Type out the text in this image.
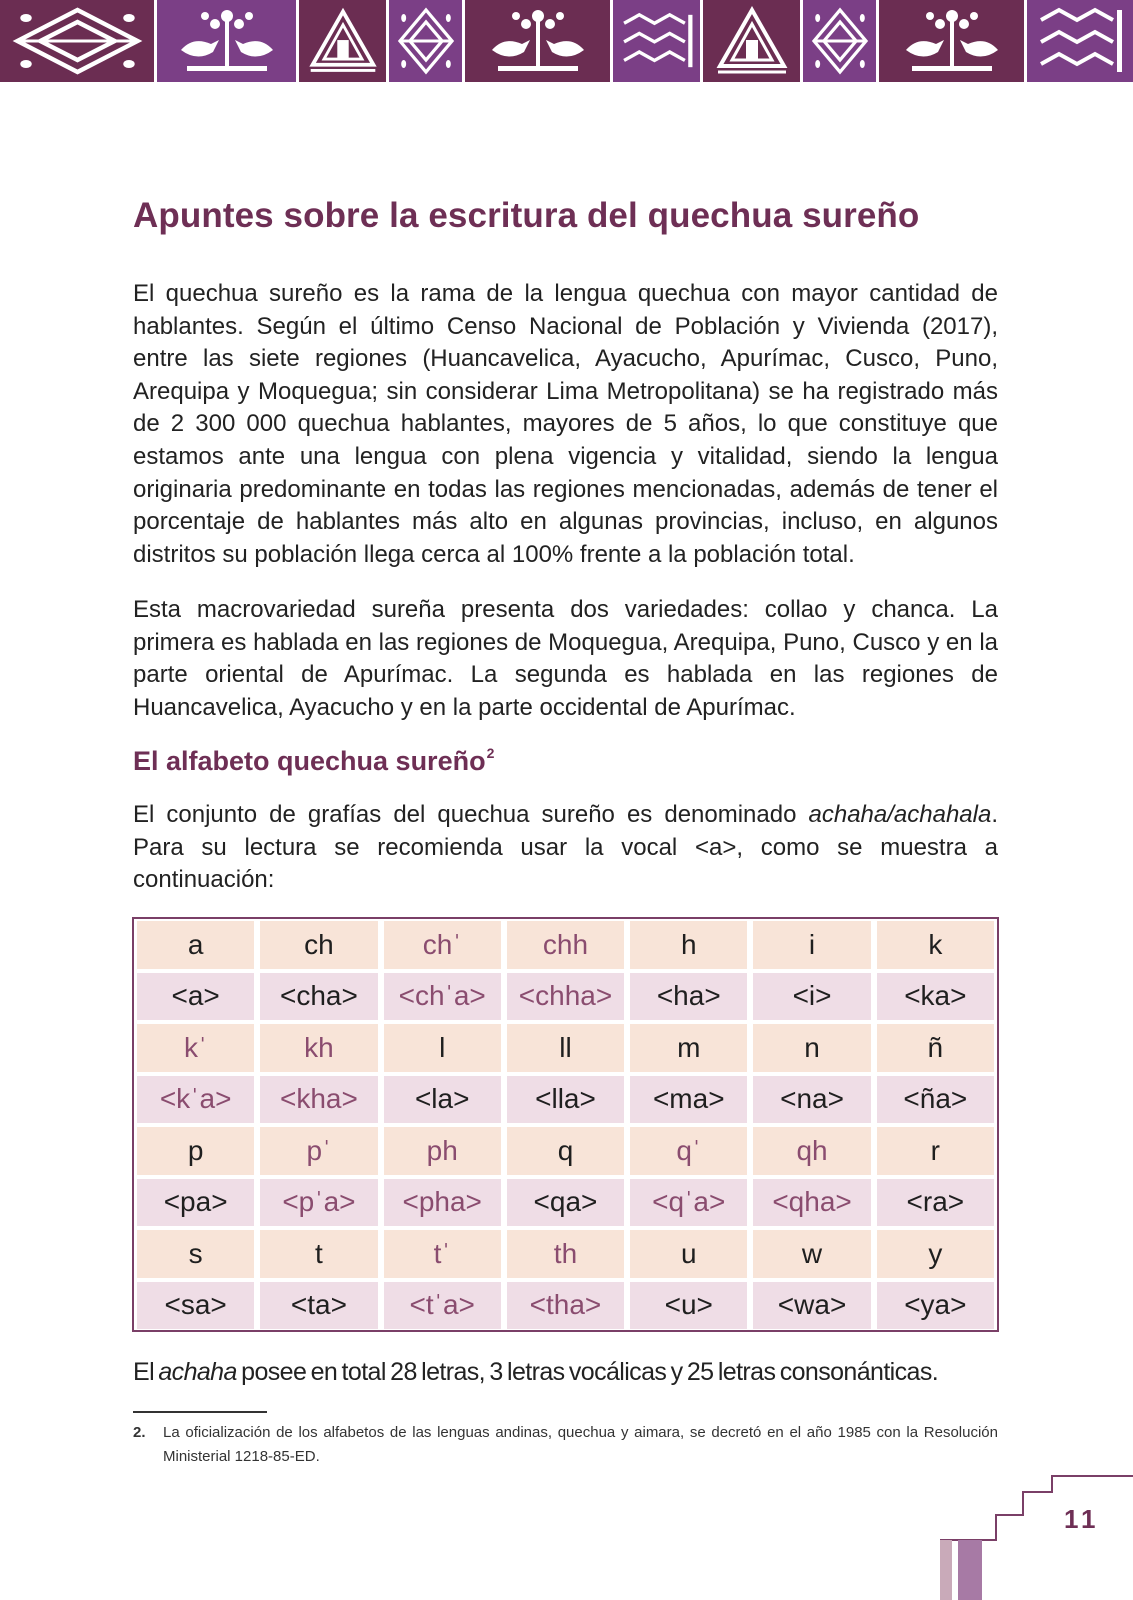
Apuntes sobre la escritura del quechua sureño

El quechua sureño es la rama de la lengua quechua con mayor cantidad de hablantes. Según el último Censo Nacional de Población y Vivienda (2017), entre las siete regiones (Huancavelica, Ayacucho, Apurímac, Cusco, Puno, Arequipa y Moquegua; sin considerar Lima Metropolitana) se ha registrado más de 2 300 000 quechua hablantes, mayores de 5 años, lo que constituye que estamos ante una lengua con plena vigencia y vitalidad, siendo la lengua originaria predominante en todas las regiones mencionadas, además de tener el porcentaje de hablantes más alto en algunas provincias, incluso, en algunos distritos su población llega cerca al 100% frente a la población total.

Esta macrovariedad sureña presenta dos variedades: collao y chanca. La primera es hablada en las regiones de Moquegua, Arequipa, Puno, Cusco y en la parte oriental de Apurímac. La segunda es hablada en las regiones de Huancavelica, Ayacucho y en la parte occidental de Apurímac.

El alfabeto quechua sureño$^2$

El conjunto de grafías del quechua sureño es denominado achaha/achahala. Para su lectura se recomienda usar la vocal <a>, como se muestra a continuación:

a	ch	chˈ	chh	h	i	k
<a>	<cha>	<chˈa>	<chha>	<ha>	<i>	<ka>
kˈ	kh	l	ll	m	n	ñ
<kˈa>	<kha>	<la>	<lla>	<ma>	<na>	<ña>
p	pˈ	ph	q	qˈ	qh	r
<pa>	<pˈa>	<pha>	<qa>	<qˈa>	<qha>	<ra>
s	t	tˈ	th	u	w	y
<sa>	<ta>	<tˈa>	<tha>	<u>	<wa>	<ya>

El achaha posee en total 28 letras, 3 letras vocálicas y 25 letras consonánticas.

2.	La oficialización de los alfabetos de las lenguas andinas, quechua y aimara, se decretó en el año 1985 con la Resolución Ministerial 1218-85-ED.
11
